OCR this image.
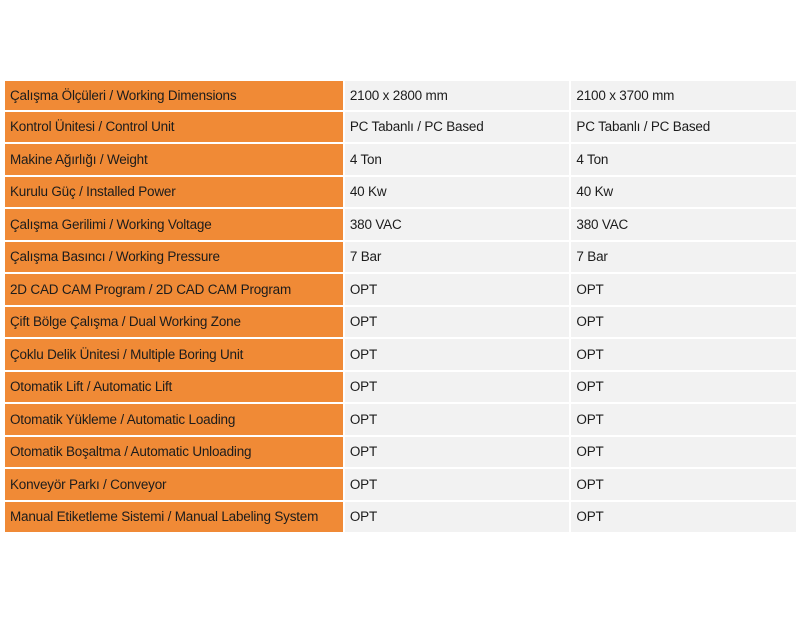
Çalışma Ölçüleri / Working Dimensions	2100 x 2800 mm	2100 x 3700 mm
Kontrol Ünitesi / Control Unit	PC Tabanlı / PC Based	PC Tabanlı / PC Based
Makine Ağırlığı / Weight	4 Ton	4 Ton
Kurulu Güç / Installed Power	40 Kw	40 Kw
Çalışma Gerilimi / Working Voltage	380 VAC	380 VAC
Çalışma Basıncı / Working Pressure	7 Bar	7 Bar
2D CAD CAM Program / 2D CAD CAM Program	OPT	OPT
Çift Bölge Çalışma / Dual Working Zone	OPT	OPT
Çoklu Delik Ünitesi / Multiple Boring Unit	OPT	OPT
Otomatik Lift / Automatic Lift	OPT	OPT
Otomatik Yükleme / Automatic Loading	OPT	OPT
Otomatik Boşaltma / Automatic Unloading	OPT	OPT
Konveyör Parkı / Conveyor	OPT	OPT
Manual Etiketleme Sistemi / Manual Labeling System	OPT	OPT
